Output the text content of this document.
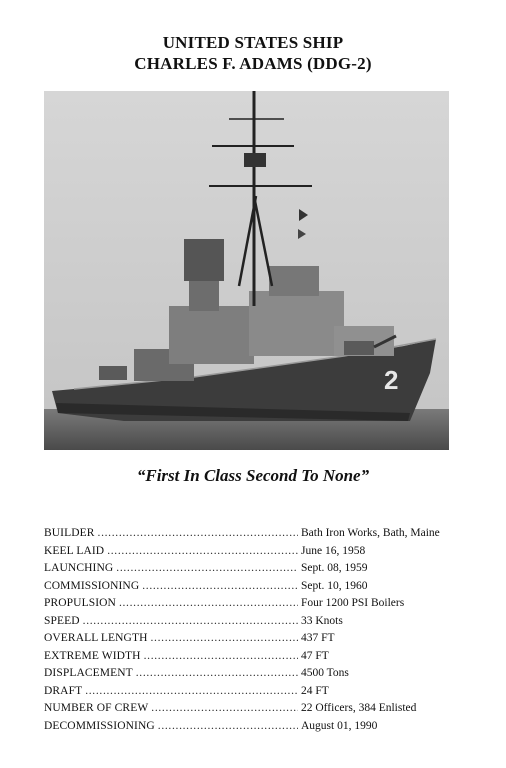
UNITED STATES SHIP
CHARLES F. ADAMS (DDG-2)
2
“First In Class Second To None”
BUILDER . . .	Bath Iron Works, Bath, Maine
KEEL LAID . . .	June 16, 1958
LAUNCHING . . .	Sept. 08, 1959
COMMISSIONING . . .	Sept. 10, 1960
PROPULSION . . .	Four 1200 PSI Boilers
SPEED . . .	33 Knots
OVERALL LENGTH . . .	437 FT
EXTREME WIDTH . . .	47 FT
DISPLACEMENT . . .	4500 Tons
DRAFT . . .	24 FT
NUMBER OF CREW . . .	22 Officers, 384 Enlisted
DECOMMISSIONING . . .	August 01, 1990
